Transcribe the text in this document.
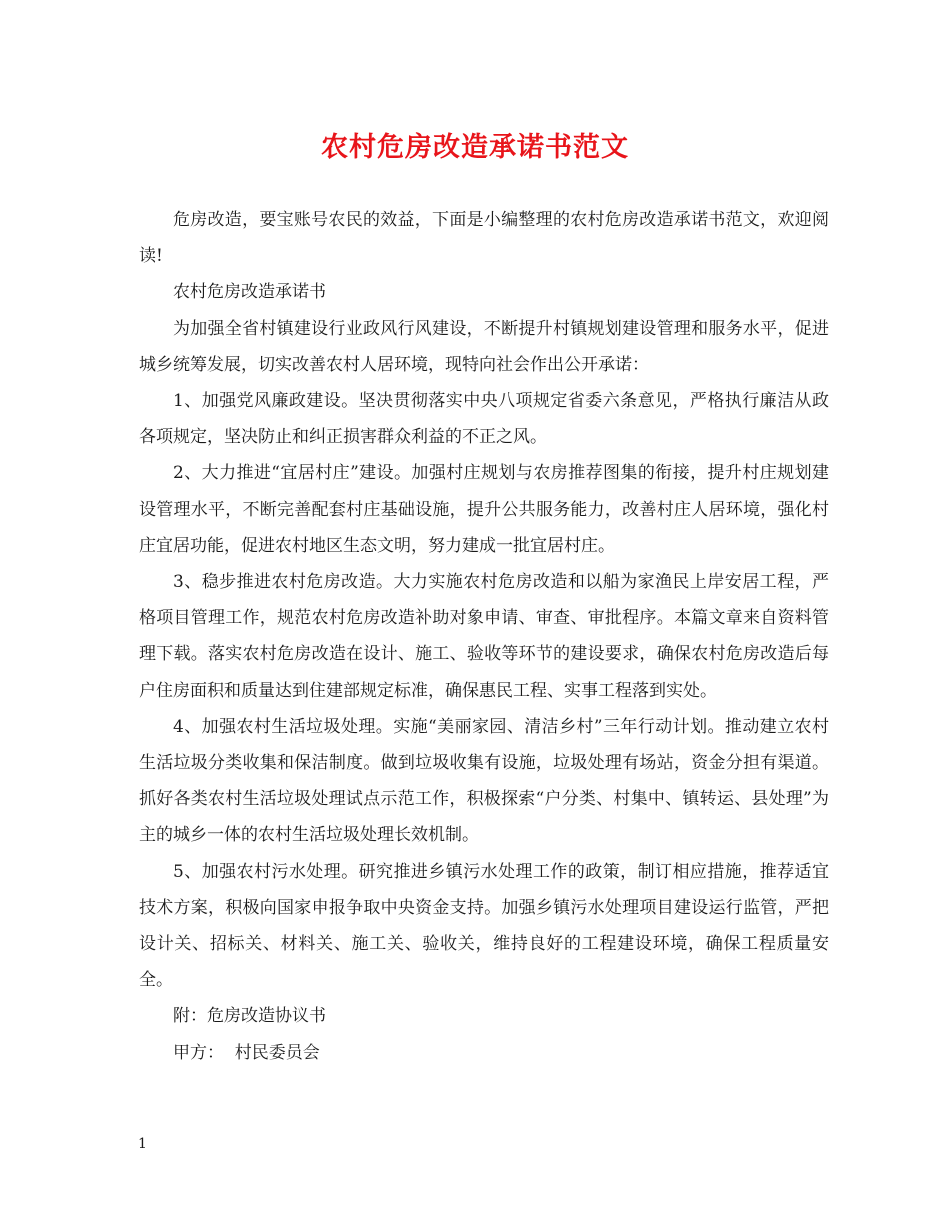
农村危房改造承诺书范文

危房改造，要宝账号农民的效益，下面是小编整理的农村危房改造承诺书范文，欢迎阅读!

农村危房改造承诺书

为加强全省村镇建设行业政风行风建设，不断提升村镇规划建设管理和服务水平，促进城乡统筹发展，切实改善农村人居环境，现特向社会作出公开承诺：

1、加强党风廉政建设。坚决贯彻落实中央八项规定省委六条意见，严格执行廉洁从政各项规定，坚决防止和纠正损害群众利益的不正之风。

2、大力推进“宜居村庄”建设。加强村庄规划与农房推荐图集的衔接，提升村庄规划建设管理水平，不断完善配套村庄基础设施，提升公共服务能力，改善村庄人居环境，强化村庄宜居功能，促进农村地区生态文明，努力建成一批宜居村庄。

3、稳步推进农村危房改造。大力实施农村危房改造和以船为家渔民上岸安居工程，严格项目管理工作，规范农村危房改造补助对象申请、审查、审批程序。本篇文章来自资料管理下载。落实农村危房改造在设计、施工、验收等环节的建设要求，确保农村危房改造后每户住房面积和质量达到住建部规定标准，确保惠民工程、实事工程落到实处。

4、加强农村生活垃圾处理。实施“美丽家园、清洁乡村”三年行动计划。推动建立农村生活垃圾分类收集和保洁制度。做到垃圾收集有设施，垃圾处理有场站，资金分担有渠道。抓好各类农村生活垃圾处理试点示范工作，积极探索“户分类、村集中、镇转运、县处理”为主的城乡一体的农村生活垃圾处理长效机制。

5、加强农村污水处理。研究推进乡镇污水处理工作的政策，制订相应措施，推荐适宜技术方案，积极向国家申报争取中央资金支持。加强乡镇污水处理项目建设运行监管，严把设计关、招标关、材料关、施工关、验收关，维持良好的工程建设环境，确保工程质量安全。

附：危房改造协议书

甲方：  村民委员会

1
